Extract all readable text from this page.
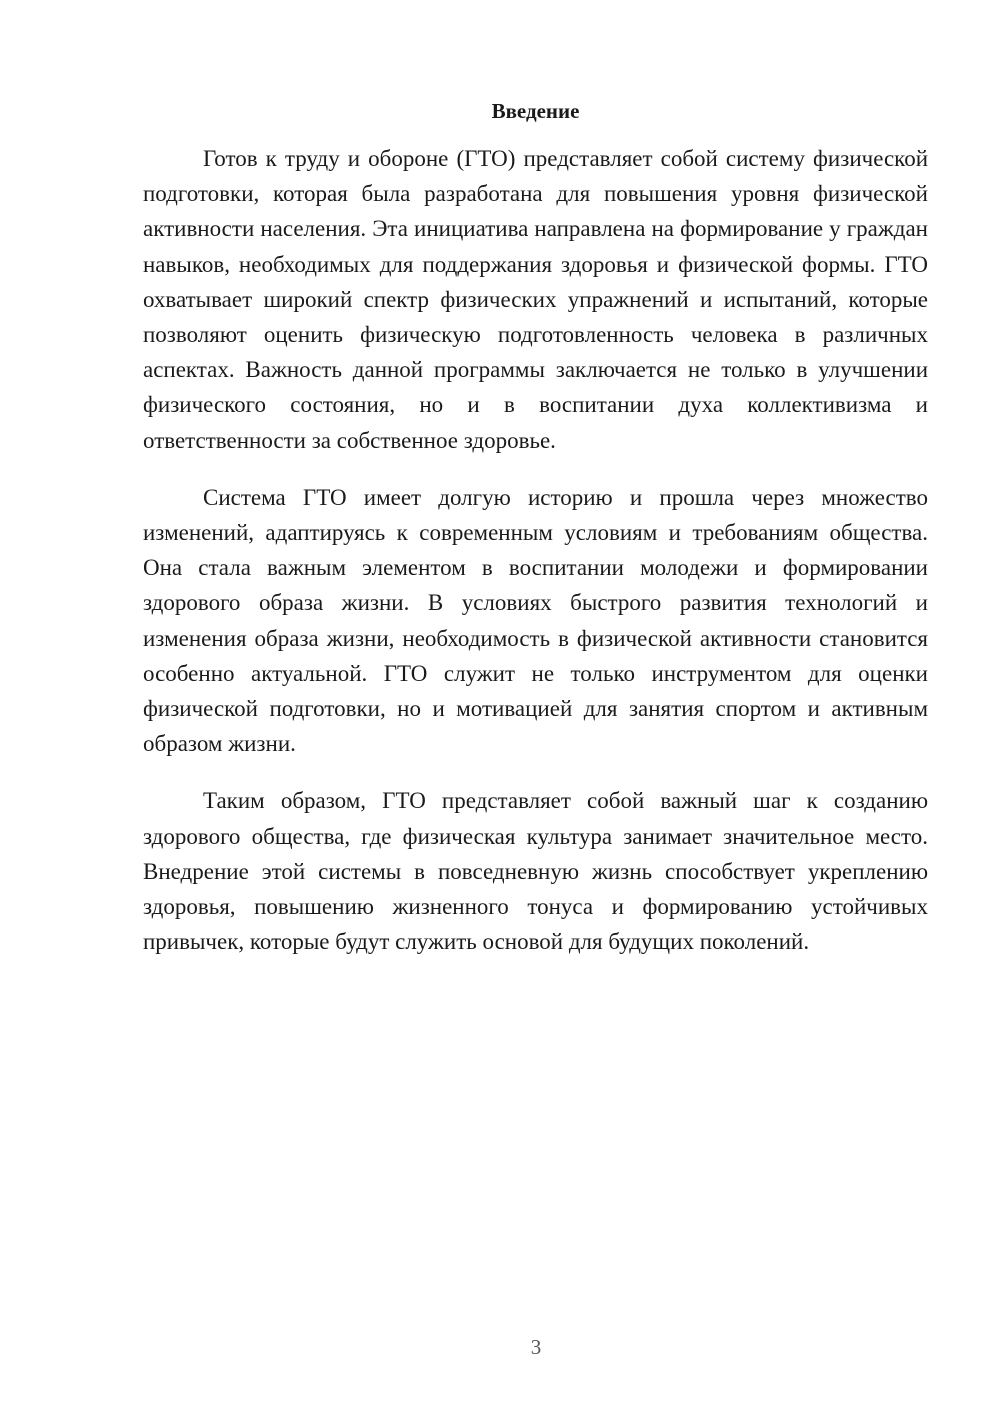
Введение

Готов к труду и обороне (ГТО) представляет собой систему физической подготовки, которая была разработана для повышения уровня физической активности населения. Эта инициатива направлена на формирование у граждан навыков, необходимых для поддержания здоровья и физической формы. ГТО охватывает широкий спектр физических упражнений и испытаний, которые позволяют оценить физическую подготовленность человека в различных аспектах. Важность данной программы заключается не только в улучшении физического состояния, но и в воспитании духа коллективизма и ответственности за собственное здоровье.

Система ГТО имеет долгую историю и прошла через множество изменений, адаптируясь к современным условиям и требованиям общества. Она стала важным элементом в воспитании молодежи и формировании здорового образа жизни. В условиях быстрого развития технологий и изменения образа жизни, необходимость в физической активности становится особенно актуальной. ГТО служит не только инструментом для оценки физической подготовки, но и мотивацией для занятия спортом и активным образом жизни.

Таким образом, ГТО представляет собой важный шаг к созданию здорового общества, где физическая культура занимает значительное место. Внедрение этой системы в повседневную жизнь способствует укреплению здоровья, повышению жизненного тонуса и формированию устойчивых привычек, которые будут служить основой для будущих поколений.

3
